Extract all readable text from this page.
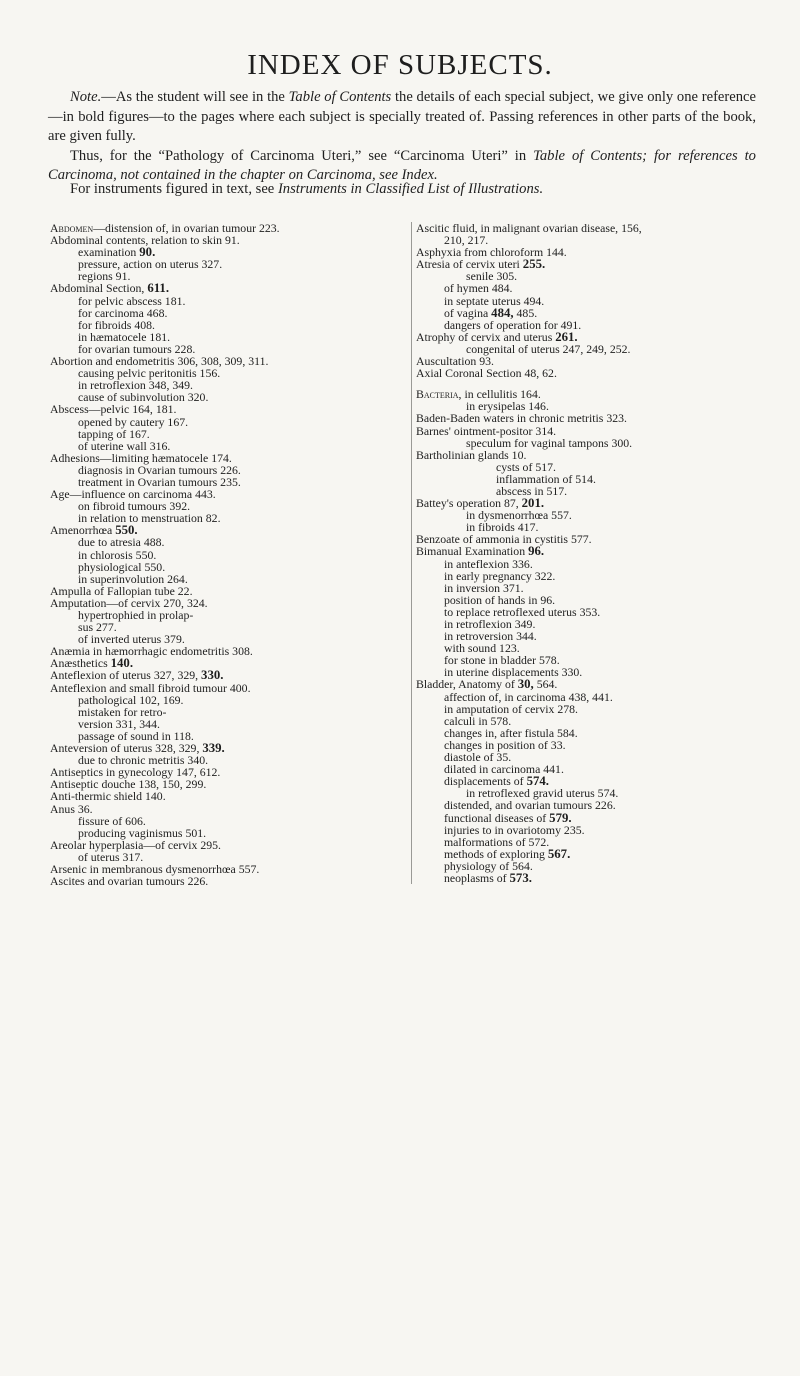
INDEX OF SUBJECTS.

Note.—As the student will see in the Table of Contents the details of each special subject, we give only one reference—in bold figures—to the pages where each subject is specially treated of. Passing references in other parts of the book, are given fully.

Thus, for the “Pathology of Carcinoma Uteri,” see “Carcinoma Uteri” in Table of Contents; for references to Carcinoma, not contained in the chapter on Carcinoma, see Index.

For instruments figured in text, see Instruments in Classified List of Illustrations.
Abdomen—distension of, in ovarian tumour 223.
Abdominal contents, relation to skin 91.
examination 90.
pressure, action on uterus 327.
regions 91.
Abdominal Section, 611.
for pelvic abscess 181.
for carcinoma 468.
for fibroids 408.
in hæmatocele 181.
for ovarian tumours 228.
Abortion and endometritis 306, 308, 309, 311.
causing pelvic peritonitis 156.
in retroflexion 348, 349.
cause of subinvolution 320.
Abscess—pelvic 164, 181.
opened by cautery 167.
tapping of 167.
of uterine wall 316.
Adhesions—limiting hæmatocele 174.
diagnosis in Ovarian tumours 226.
treatment in Ovarian tumours 235.
Age—influence on carcinoma 443.
on fibroid tumours 392.
in relation to menstruation 82.
Amenorrhœa 550.
due to atresia 488.
in chlorosis 550.
physiological 550.
in superinvolution 264.
Ampulla of Fallopian tube 22.
Amputation—of cervix 270, 324.
hypertrophied in prolap-
sus 277.
of inverted uterus 379.
Anæmia in hæmorrhagic endometritis 308.
Anæsthetics 140.
Anteflexion of uterus 327, 329, 330.
Anteflexion and small fibroid tumour 400.
pathological 102, 169.
mistaken for retro-
version 331, 344.
passage of sound in 118.
Anteversion of uterus 328, 329, 339.
due to chronic metritis 340.
Antiseptics in gynecology 147, 612.
Antiseptic douche 138, 150, 299.
Anti-thermic shield 140.
Anus 36.
fissure of 606.
producing vaginismus 501.
Areolar hyperplasia—of cervix 295.
of uterus 317.
Arsenic in membranous dysmenorrhœa 557.
Ascites and ovarian tumours 226.
Ascitic fluid, in malignant ovarian disease, 156,
210, 217.
Asphyxia from chloroform 144.
Atresia of cervix uteri 255.
senile 305.
of hymen 484.
in septate uterus 494.
of vagina 484, 485.
dangers of operation for 491.
Atrophy of cervix and uterus 261.
congenital of uterus 247, 249, 252.
Auscultation 93.
Axial Coronal Section 48, 62.
Bacteria, in cellulitis 164.
in erysipelas 146.
Baden-Baden waters in chronic metritis 323.
Barnes' ointment-positor 314.
speculum for vaginal tampons 300.
Bartholinian glands 10.
cysts of 517.
inflammation of 514.
abscess in 517.
Battey's operation 87, 201.
in dysmenorrhœa 557.
in fibroids 417.
Benzoate of ammonia in cystitis 577.
Bimanual Examination 96.
in anteflexion 336.
in early pregnancy 322.
in inversion 371.
position of hands in 96.
to replace retroflexed uterus 353.
in retroflexion 349.
in retroversion 344.
with sound 123.
for stone in bladder 578.
in uterine displacements 330.
Bladder, Anatomy of 30, 564.
affection of, in carcinoma 438, 441.
in amputation of cervix 278.
calculi in 578.
changes in, after fistula 584.
changes in position of 33.
diastole of 35.
dilated in carcinoma 441.
displacements of 574.
in retroflexed gravid uterus 574.
distended, and ovarian tumours 226.
functional diseases of 579.
injuries to in ovariotomy 235.
malformations of 572.
methods of exploring 567.
physiology of 564.
neoplasms of 573.
